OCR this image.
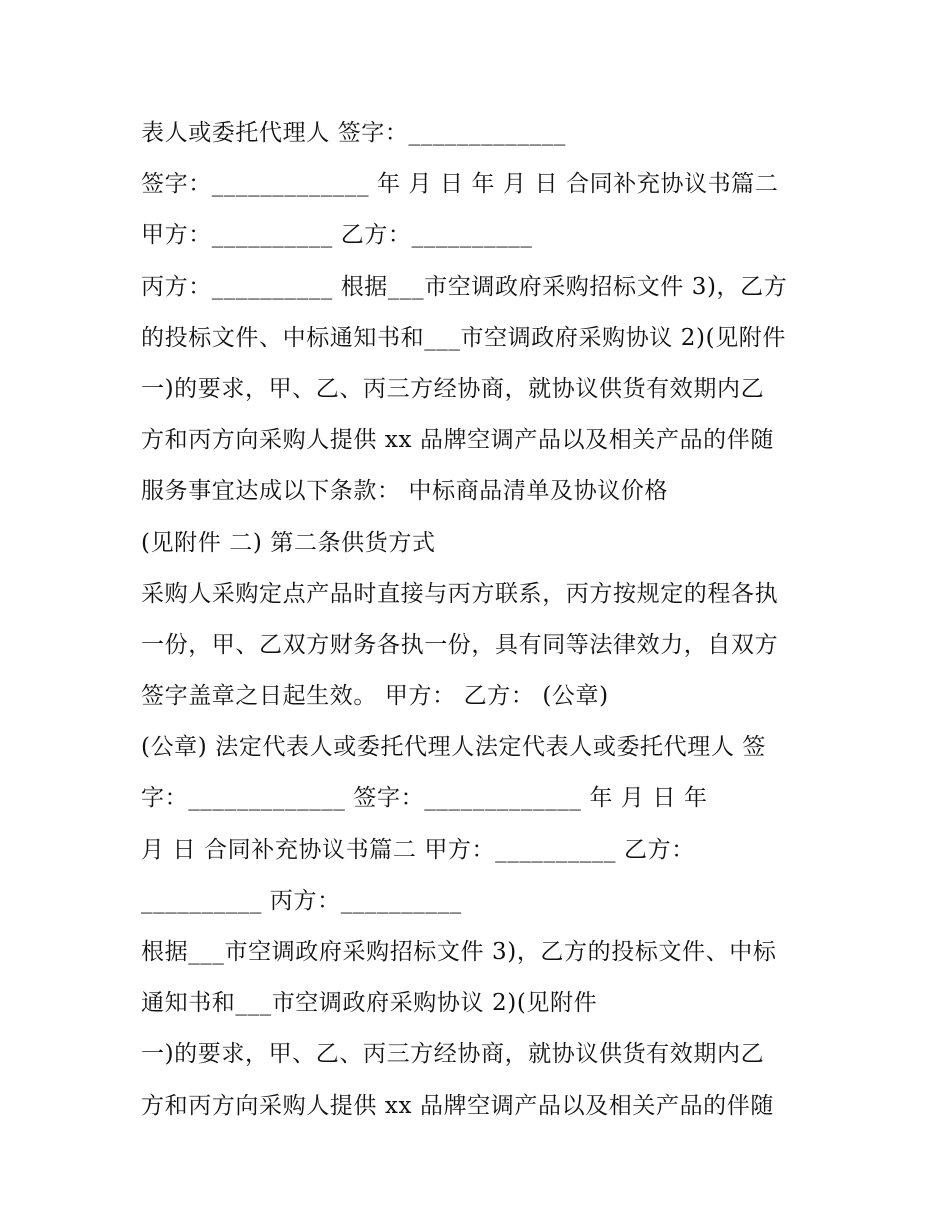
表人或委托代理人 签字：_____________
签字：_____________ 年 月 日 年 月 日 合同补充协议书篇二
甲方：__________ 乙方：__________
丙方：__________ 根据___市空调政府采购招标文件 3)，乙方
的投标文件、中标通知书和___市空调政府采购协议 2)(见附件
一)的要求，甲、乙、丙三方经协商，就协议供货有效期内乙
方和丙方向采购人提供 xx 品牌空调产品以及相关产品的伴随
服务事宜达成以下条款： 中标商品清单及协议价格
(见附件 二) 第二条供货方式
采购人采购定点产品时直接与丙方联系，丙方按规定的程各执
一份，甲、乙双方财务各执一份，具有同等法律效力，自双方
签字盖章之日起生效。 甲方： 乙方： (公章)
(公章) 法定代表人或委托代理人法定代表人或委托代理人 签
字：_____________ 签字：_____________ 年 月 日 年
月 日 合同补充协议书篇二 甲方：__________ 乙方：
__________ 丙方：__________
根据___市空调政府采购招标文件 3)，乙方的投标文件、中标
通知书和___市空调政府采购协议 2)(见附件
一)的要求，甲、乙、丙三方经协商，就协议供货有效期内乙
方和丙方向采购人提供 xx 品牌空调产品以及相关产品的伴随
